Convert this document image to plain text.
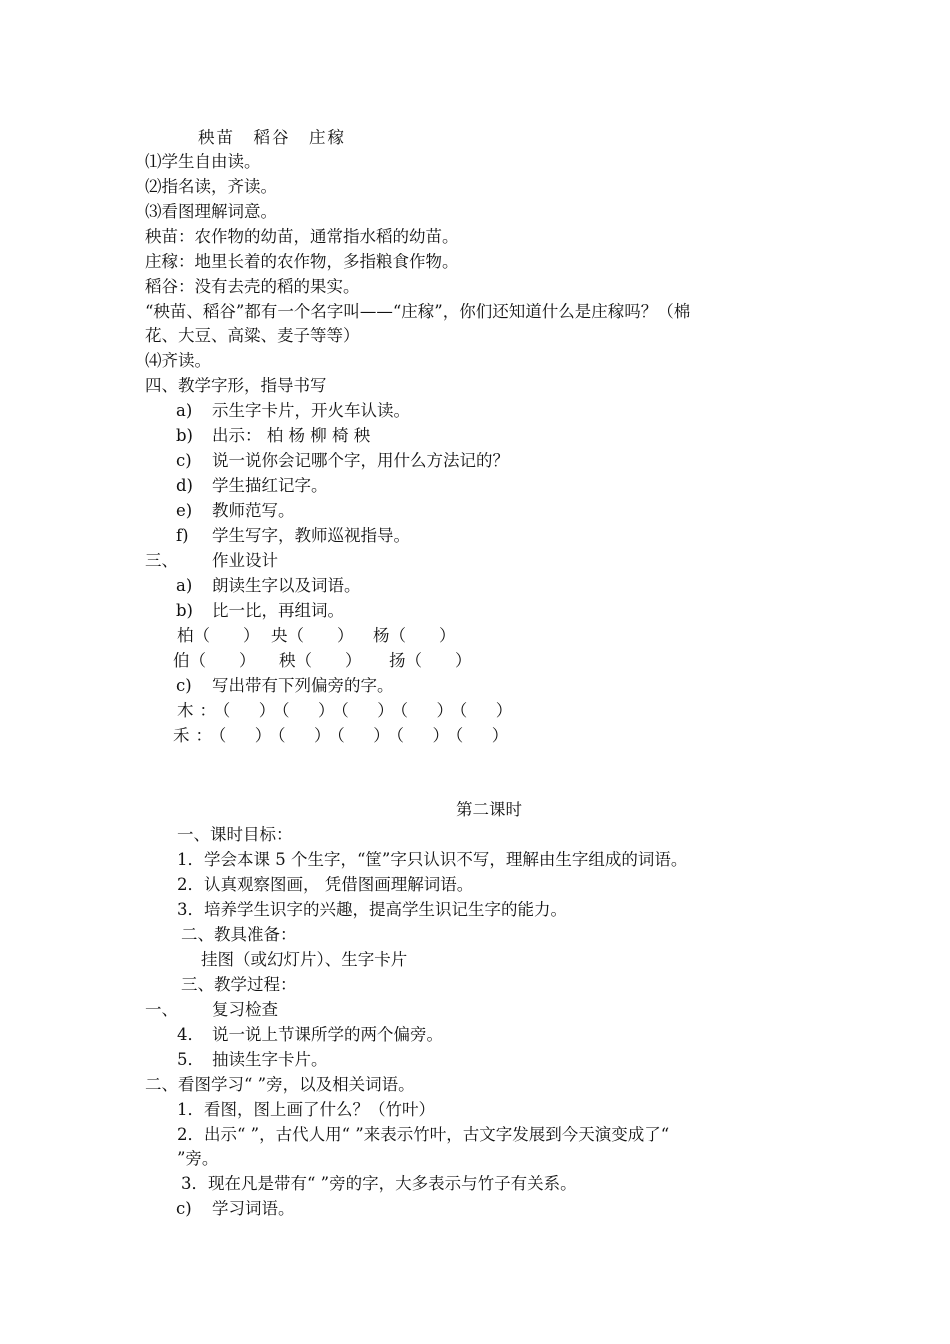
秧苗　稻谷　庄稼
⑴学生自由读。
⑵指名读，齐读。
⑶看图理解词意。
秧苗：农作物的幼苗，通常指水稻的幼苗。
庄稼：地里长着的农作物，多指粮食作物。
稻谷：没有去壳的稻的果实。
“秧苗、稻谷”都有一个名字叫——“庄稼”，你们还知道什么是庄稼吗？（棉
花、大豆、高粱、麦子等等）
⑷齐读。
四、教学字形，指导书写
a) 示生字卡片，开火车认读。
b) 出示： 柏 杨 柳 椅 秧
c) 说一说你会记哪个字，用什么方法记的？
d) 学生描红记字。
e) 教师范写。
f) 学生写字，教师巡视指导。
三、 作业设计
a) 朗读生字以及词语。
b) 比一比，再组词。
柏（　　） 央（　　） 杨（　　）
伯（　　） 秧（　　） 扬（　　）
c) 写出带有下列偏旁的字。
木：（　）（　）（　）（　）（　）
禾：（　）（　）（　）（　）（　）
第二课时
一、课时目标：
1．学会本课 5 个生字，“筐”字只认识不写，理解由生字组成的词语。
2．认真观察图画， 凭借图画理解词语。
3．培养学生识字的兴趣，提高学生识记生字的能力。
二、教具准备：
挂图（或幻灯片）、生字卡片
三、教学过程：
一、 复习检查
4． 说一说上节课所学的两个偏旁。
5． 抽读生字卡片。
二、看图学习“ ”旁，以及相关词语。
1．看图，图上画了什么？（竹叶）
2．出示“ ”，古代人用“ ”来表示竹叶，古文字发展到今天演变成了“
”旁。
3．现在凡是带有“ ”旁的字，大多表示与竹子有关系。
c) 学习词语。
